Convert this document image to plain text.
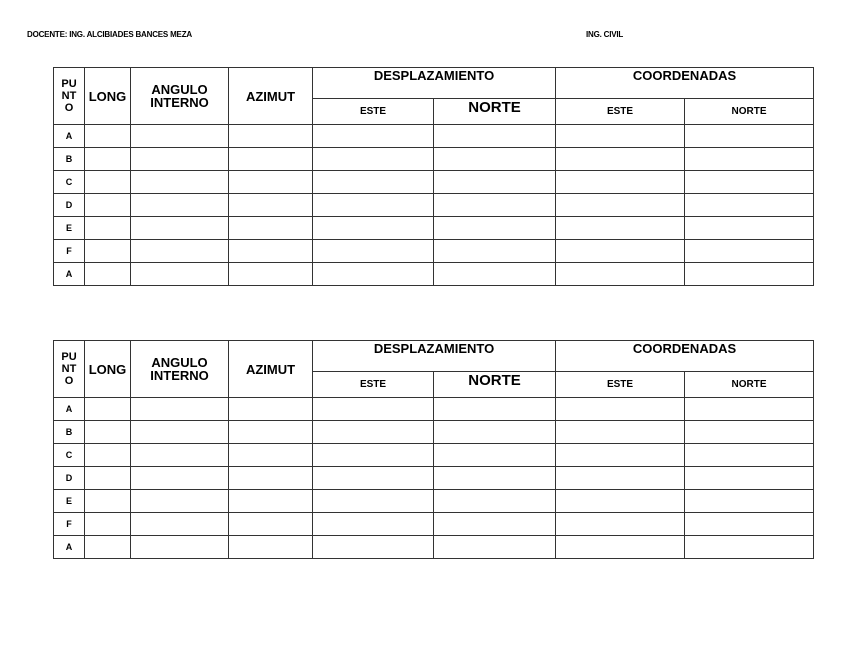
DOCENTE: ING. ALCIBIADES BANCES MEZA	ING. CIVIL
PU
NT
O	LONG	ANGULO
INTERNO	AZIMUT	DESPLAZAMIENTO		COORDENADAS	
				ESTE	NORTE	ESTE	NORTE
A							
B							
C							
D							
E							
F							
A							
PU
NT
O	LONG	ANGULO
INTERNO	AZIMUT	DESPLAZAMIENTO		COORDENADAS	
				ESTE	NORTE	ESTE	NORTE
A							
B							
C							
D							
E							
F							
A							
